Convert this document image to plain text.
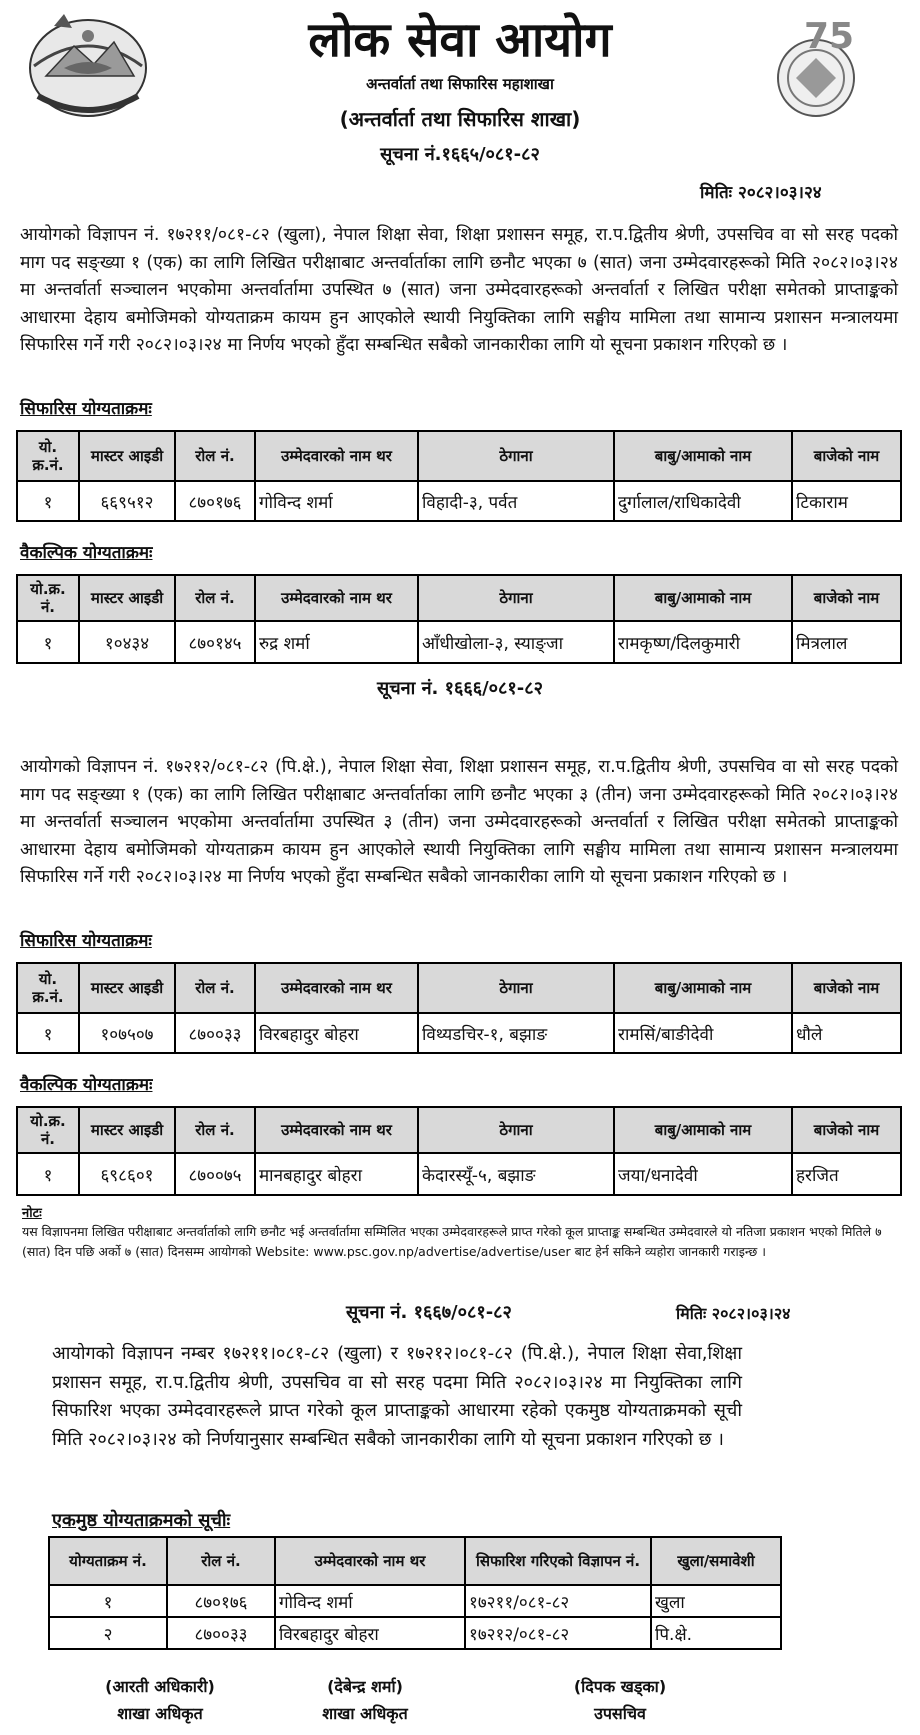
75
लोक सेवा आयोग
अन्तर्वार्ता तथा सिफारिस महाशाखा
(अन्तर्वार्ता तथा सिफारिस शाखा)
सूचना नं.१६६५/०८१-८२
मितिः २०८२।०३।२४
आयोगको विज्ञापन नं. १७२११/०८१-८२ (खुला), नेपाल शिक्षा सेवा, शिक्षा प्रशासन समूह, रा.प.द्वितीय श्रेणी, उपसचिव वा सो सरह पदको माग पद सङ्ख्या १ (एक) का लागि लिखित परीक्षाबाट अन्तर्वार्ताका लागि छनौट भएका ७ (सात) जना उम्मेदवारहरूको मिति २०८२।०३।२४ मा अन्तर्वार्ता सञ्चालन भएकोमा अन्तर्वार्तामा उपस्थित ७ (सात) जना उम्मेदवारहरूको अन्तर्वार्ता र लिखित परीक्षा समेतको प्राप्ताङ्कको आधारमा देहाय बमोजिमको योग्यताक्रम कायम हुन आएकोले स्थायी नियुक्तिका लागि सङ्घीय मामिला तथा सामान्य प्रशासन मन्त्रालयमा सिफारिस गर्ने गरी २०८२।०३।२४ मा निर्णय भएको हुँदा सम्बन्धित सबैको जानकारीका लागि यो सूचना प्रकाशन गरिएको छ ।
सिफारिस योग्यताक्रमः
यो. क्र.नं.	मास्टर आइडी	रोल नं.	उम्मेदवारको नाम थर	ठेगाना	बाबु/आमाको नाम	बाजेको नाम
१	६६९५१२	८७०१७६	गोविन्द शर्मा	विहादी-३, पर्वत	दुर्गालाल/राधिकादेवी	टिकाराम
वैकल्पिक योग्यताक्रमः
यो.क्र. नं.	मास्टर आइडी	रोल नं.	उम्मेदवारको नाम थर	ठेगाना	बाबु/आमाको नाम	बाजेको नाम
१	१०४३४	८७०१४५	रुद्र शर्मा	आँधीखोला-३, स्याङ्जा	रामकृष्ण/दिलकुमारी	मित्रलाल
सूचना नं. १६६६/०८१-८२
आयोगको विज्ञापन नं. १७२१२/०८१-८२ (पि.क्षे.), नेपाल शिक्षा सेवा, शिक्षा प्रशासन समूह, रा.प.द्वितीय श्रेणी, उपसचिव वा सो सरह पदको माग पद सङ्ख्या १ (एक) का लागि लिखित परीक्षाबाट अन्तर्वार्ताका लागि छनौट भएका ३ (तीन) जना उम्मेदवारहरूको मिति २०८२।०३।२४ मा अन्तर्वार्ता सञ्चालन भएकोमा अन्तर्वार्तामा उपस्थित ३ (तीन) जना उम्मेदवारहरूको अन्तर्वार्ता र लिखित परीक्षा समेतको प्राप्ताङ्कको आधारमा देहाय बमोजिमको योग्यताक्रम कायम हुन आएकोले स्थायी नियुक्तिका लागि सङ्घीय मामिला तथा सामान्य प्रशासन मन्त्रालयमा सिफारिस गर्ने गरी २०८२।०३।२४ मा निर्णय भएको हुँदा सम्बन्धित सबैको जानकारीका लागि यो सूचना प्रकाशन गरिएको छ ।
सिफारिस योग्यताक्रमः
यो. क्र.नं.	मास्टर आइडी	रोल नं.	उम्मेदवारको नाम थर	ठेगाना	बाबु/आमाको नाम	बाजेको नाम
१	१०७५०७	८७००३३	विरबहादुर बोहरा	विथ्यडचिर-१, बझाङ	रामसिं/बाङीदेवी	धौले
वैकल्पिक योग्यताक्रमः
यो.क्र. नं.	मास्टर आइडी	रोल नं.	उम्मेदवारको नाम थर	ठेगाना	बाबु/आमाको नाम	बाजेको नाम
१	६९८६०१	८७००७५	मानबहादुर बोहरा	केदारस्यूँ-५, बझाङ	जया/धनादेवी	हरजित
नोटः
यस विज्ञापनमा लिखित परीक्षाबाट अन्तर्वार्ताको लागि छनौट भई अन्तर्वार्तामा सम्मिलित भएका उम्मेदवारहरूले प्राप्त गरेको कूल प्राप्ताङ्क सम्बन्धित उम्मेदवारले यो नतिजा प्रकाशन भएको मितिले ७ (सात) दिन पछि अर्को ७ (सात) दिनसम्म आयोगको Website: www.psc.gov.np/advertise/advertise/user बाट हेर्न सकिने व्यहोरा जानकारी गराइन्छ ।
सूचना नं. १६६७/०८१-८२	मितिः २०८२।०३।२४
आयोगको विज्ञापन नम्बर १७२११।०८१-८२ (खुला) र १७२१२।०८१-८२ (पि.क्षे.), नेपाल शिक्षा सेवा,शिक्षा प्रशासन समूह, रा.प.द्वितीय श्रेणी, उपसचिव वा सो सरह पदमा मिति २०८२।०३।२४ मा नियुक्तिका लागि सिफारिश भएका उम्मेदवारहरूले प्राप्त गरेको कूल प्राप्ताङ्कको आधारमा रहेको एकमुष्ठ योग्यताक्रमको सूची मिति २०८२।०३।२४ को निर्णयानुसार सम्बन्धित सबैको जानकारीका लागि यो सूचना प्रकाशन गरिएको छ ।
एकमुष्ठ योग्यताक्रमको सूचीः
योग्यताक्रम नं.	रोल नं.	उम्मेदवारको नाम थर	सिफारिश गरिएको विज्ञापन नं.	खुला/समावेशी
१	८७०१७६	गोविन्द शर्मा	१७२११/०८१-८२	खुला
२	८७००३३	विरबहादुर बोहरा	१७२१२/०८१-८२	पि.क्षे.
(आरती अधिकारी)
शाखा अधिकृत
(देबेन्द्र शर्मा)
शाखा अधिकृत
(दिपक खड्का)
उपसचिव
